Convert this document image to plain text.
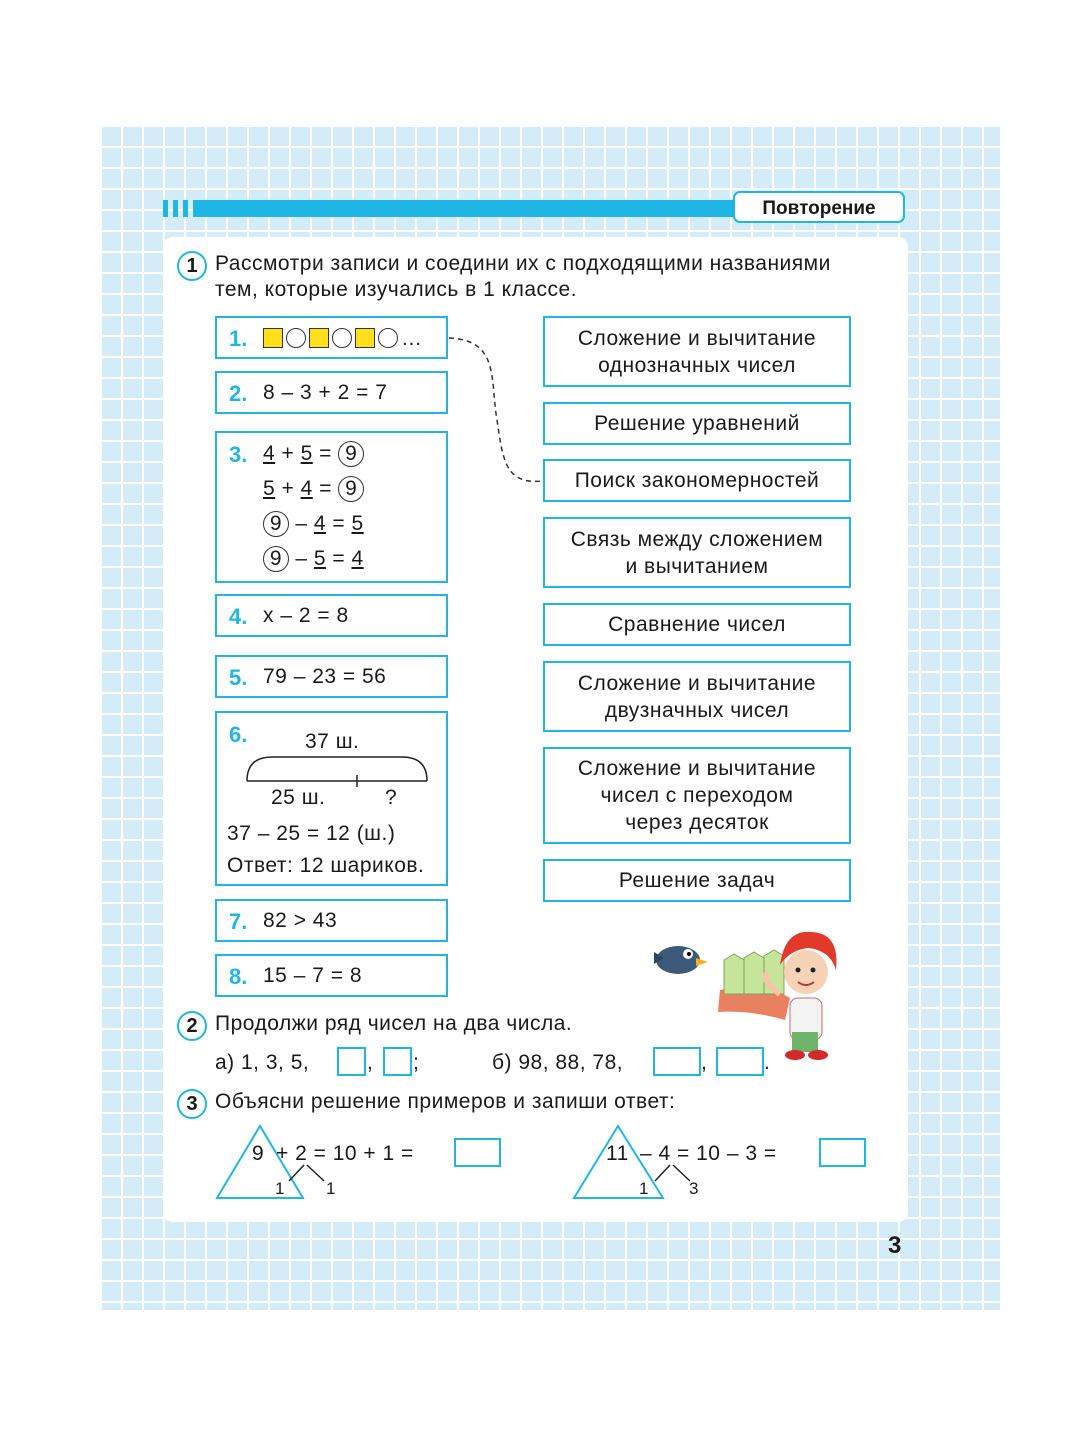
Повторение
1 Рассмотри записи и соедини их с подходящими названиями
тем, которые изучались в 1 классе.
1.	…
2. 8 – 3 + 2 = 7
3. 4 + 5 = 9
5 + 4 = 9
9 – 4 = 5
9 – 5 = 4
4. x – 2 = 8
5. 79 – 23 = 56
6.	37 ш.
25 ш.	?
37 – 25 = 12 (ш.)
Ответ: 12 шариков.
7. 82 > 43
8. 15 – 7 = 8
Сложение и вычитание
однозначных чисел
Решение уравнений
Поиск закономерностей
Связь между сложением
и вычитанием
Сравнение чисел
Сложение и вычитание
двузначных чисел
Сложение и вычитание
чисел с переходом
через десяток
Решение задач
2 Продолжи ряд чисел на два числа.
а) 1, 3, 5,	, ;	б) 98, 88, 78,	,	.
3 Объясни решение примеров и запиши ответ:
9 + 2 = 10 + 1 =
1 1
11 – 4 = 10 – 3 =
1 3
3
